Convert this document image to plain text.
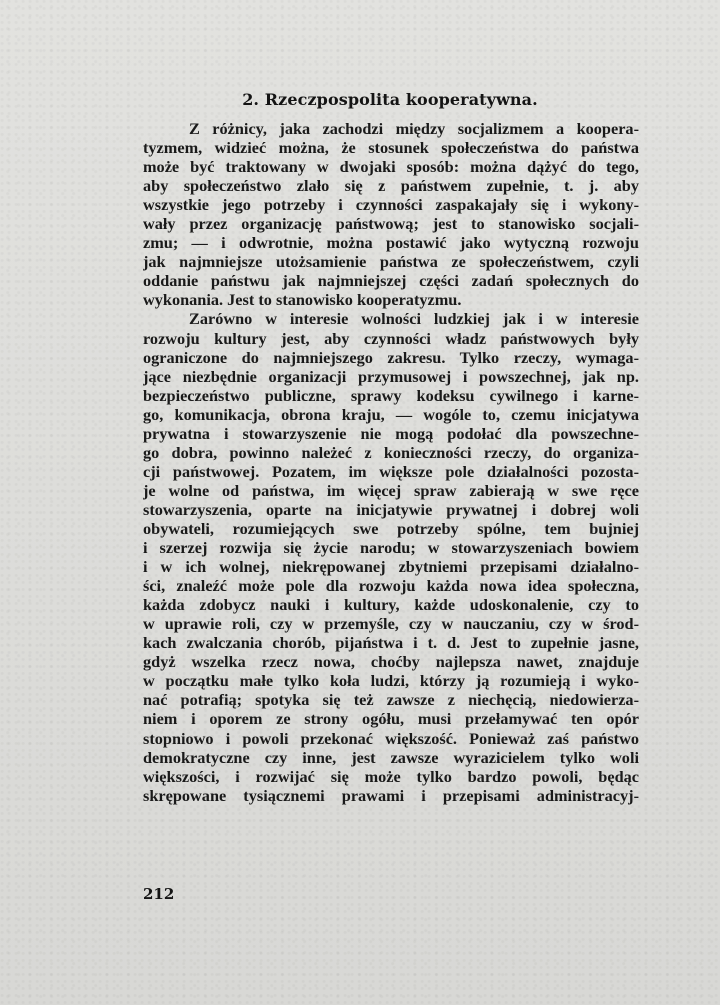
2. Rzeczpospolita kooperatywna.
Z różnicy, jaka zachodzi między socjalizmem a koopera-
tyzmem, widzieć można, że stosunek społeczeństwa do państwa
może być traktowany w dwojaki sposób: można dążyć do tego,
aby społeczeństwo zlało się z państwem zupełnie, t. j. aby
wszystkie jego potrzeby i czynności zaspakajały się i wykony-
wały przez organizację państwową; jest to stanowisko socjali-
zmu; — i odwrotnie, można postawić jako wytyczną rozwoju
jak najmniejsze utożsamienie państwa ze społeczeństwem, czyli
oddanie państwu jak najmniejszej części zadań społecznych do
wykonania. Jest to stanowisko kooperatyzmu.
Zarówno w interesie wolności ludzkiej jak i w interesie
rozwoju kultury jest, aby czynności władz państwowych były
ograniczone do najmniejszego zakresu. Tylko rzeczy, wymaga-
jące niezbędnie organizacji przymusowej i powszechnej, jak np.
bezpieczeństwo publiczne, sprawy kodeksu cywilnego i karne-
go, komunikacja, obrona kraju, — wogóle to, czemu inicjatywa
prywatna i stowarzyszenie nie mogą podołać dla powszechne-
go dobra, powinno należeć z konieczności rzeczy, do organiza-
cji państwowej. Pozatem, im większe pole działalności pozosta-
je wolne od państwa, im więcej spraw zabierają w swe ręce
stowarzyszenia, oparte na inicjatywie prywatnej i dobrej woli
obywateli, rozumiejących swe potrzeby spólne, tem bujniej
i szerzej rozwija się życie narodu; w stowarzyszeniach bowiem
i w ich wolnej, niekrępowanej zbytniemi przepisami działalno-
ści, znaleźć może pole dla rozwoju każda nowa idea społeczna,
każda zdobycz nauki i kultury, każde udoskonalenie, czy to
w uprawie roli, czy w przemyśle, czy w nauczaniu, czy w środ-
kach zwalczania chorób, pijaństwa i t. d. Jest to zupełnie jasne,
gdyż wszelka rzecz nowa, choćby najlepsza nawet, znajduje
w początku małe tylko koła ludzi, którzy ją rozumieją i wyko-
nać potrafią; spotyka się też zawsze z niechęcią, niedowierza-
niem i oporem ze strony ogółu, musi przełamywać ten opór
stopniowo i powoli przekonać większość. Ponieważ zaś państwo
demokratyczne czy inne, jest zawsze wyrazicielem tylko woli
większości, i rozwijać się może tylko bardzo powoli, będąc
skrępowane tysiącznemi prawami i przepisami administracyj-
212
